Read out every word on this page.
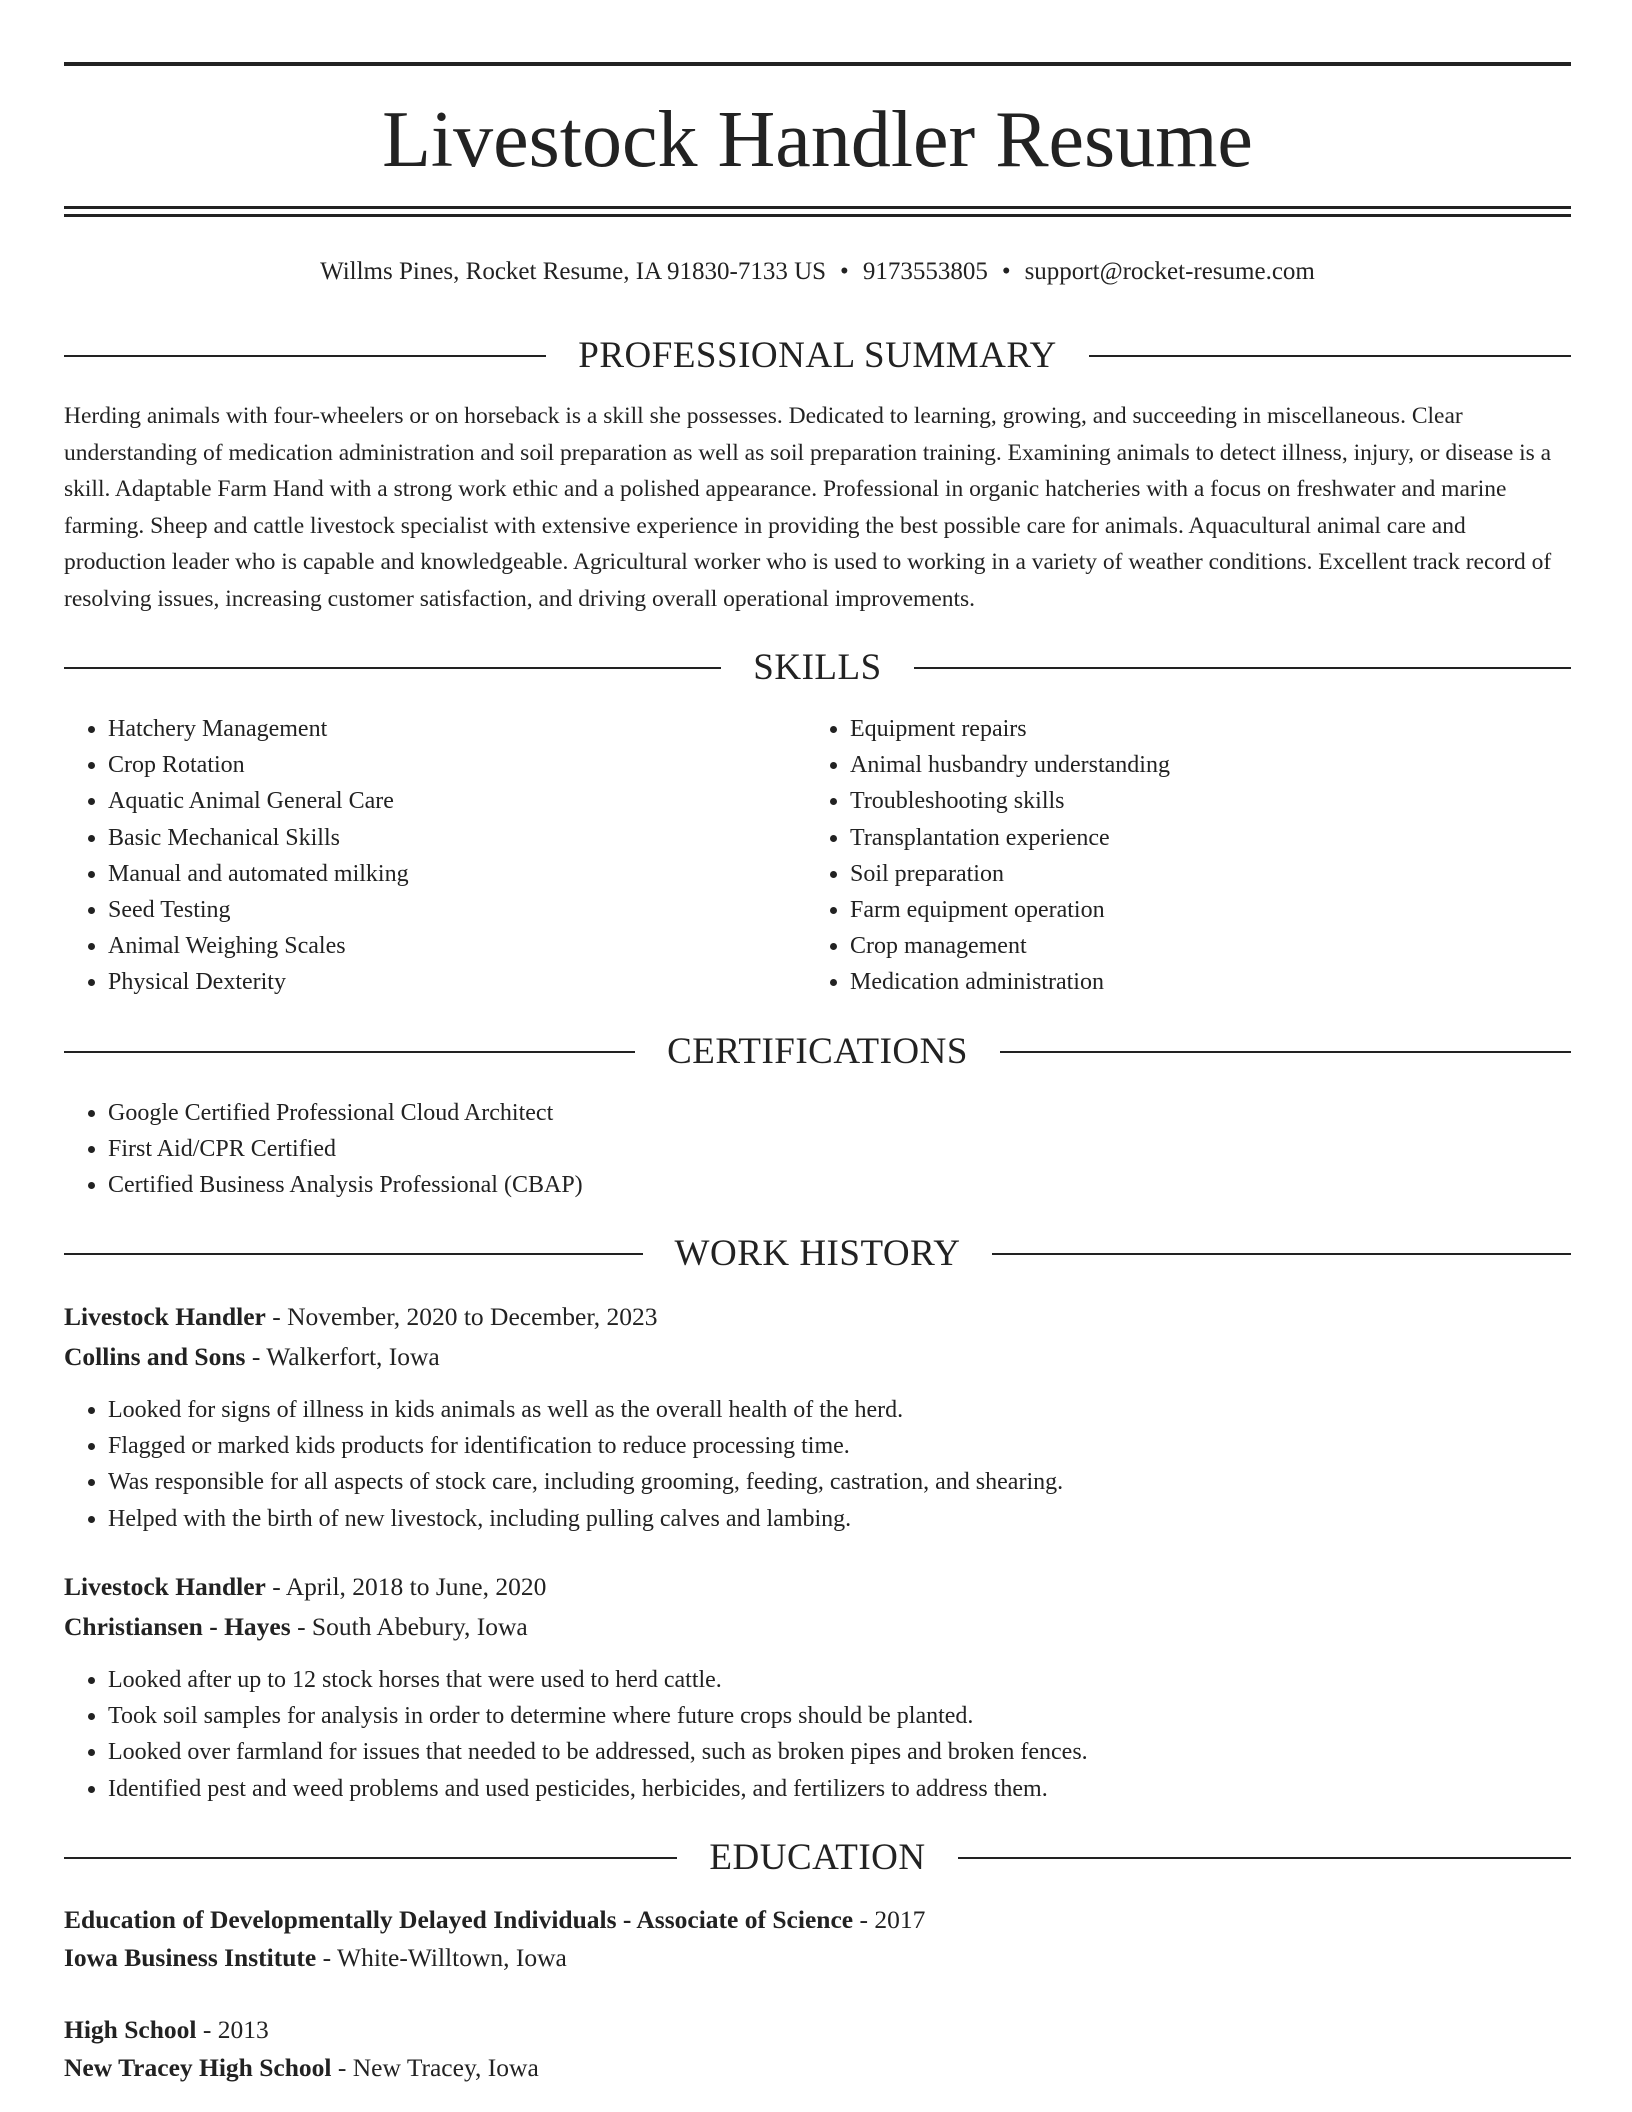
Livestock Handler Resume
Willms Pines, Rocket Resume, IA 91830-7133 US • 9173553805 • support@rocket-resume.com
PROFESSIONAL SUMMARY
Herding animals with four-wheelers or on horseback is a skill she possesses. Dedicated to learning, growing, and succeeding in miscellaneous. Clear understanding of medication administration and soil preparation as well as soil preparation training. Examining animals to detect illness, injury, or disease is a skill. Adaptable Farm Hand with a strong work ethic and a polished appearance. Professional in organic hatcheries with a focus on freshwater and marine farming. Sheep and cattle livestock specialist with extensive experience in providing the best possible care for animals. Aquacultural animal care and production leader who is capable and knowledgeable. Agricultural worker who is used to working in a variety of weather conditions. Excellent track record of resolving issues, increasing customer satisfaction, and driving overall operational improvements.
SKILLS
• Hatchery Management
• Crop Rotation
• Aquatic Animal General Care
• Basic Mechanical Skills
• Manual and automated milking
• Seed Testing
• Animal Weighing Scales
• Physical Dexterity
• Equipment repairs
• Animal husbandry understanding
• Troubleshooting skills
• Transplantation experience
• Soil preparation
• Farm equipment operation
• Crop management
• Medication administration
CERTIFICATIONS
• Google Certified Professional Cloud Architect
• First Aid/CPR Certified
• Certified Business Analysis Professional (CBAP)
WORK HISTORY
Livestock Handler - November, 2020 to December, 2023
Collins and Sons - Walkerfort, Iowa
• Looked for signs of illness in kids animals as well as the overall health of the herd.
• Flagged or marked kids products for identification to reduce processing time.
• Was responsible for all aspects of stock care, including grooming, feeding, castration, and shearing.
• Helped with the birth of new livestock, including pulling calves and lambing.
Livestock Handler - April, 2018 to June, 2020
Christiansen - Hayes - South Abebury, Iowa
• Looked after up to 12 stock horses that were used to herd cattle.
• Took soil samples for analysis in order to determine where future crops should be planted.
• Looked over farmland for issues that needed to be addressed, such as broken pipes and broken fences.
• Identified pest and weed problems and used pesticides, herbicides, and fertilizers to address them.
EDUCATION
Education of Developmentally Delayed Individuals - Associate of Science - 2017
Iowa Business Institute - White-Willtown, Iowa
High School - 2013
New Tracey High School - New Tracey, Iowa
